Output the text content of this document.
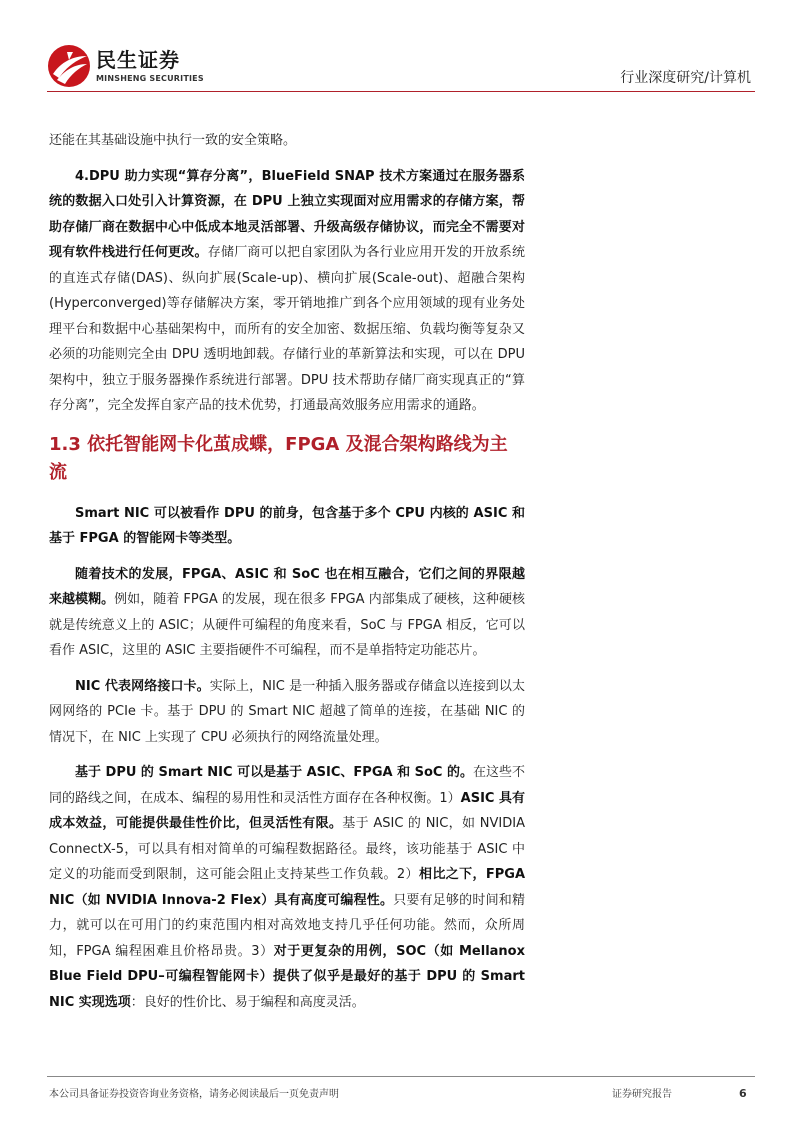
民生证券
MINSHENG SECURITIES	行业深度研究/计算机

还能在其基础设施中执行一致的安全策略。

4.DPU 助力实现“算存分离”，BlueField SNAP 技术方案通过在服务器系统的数据入口处引入计算资源，在 DPU 上独立实现面对应用需求的存储方案，帮助存储厂商在数据中心中低成本地灵活部署、升级高级存储协议，而完全不需要对现有软件栈进行任何更改。存储厂商可以把自家团队为各行业应用开发的开放系统的直连式存储(DAS)、纵向扩展(Scale-up)、横向扩展(Scale-out)、超融合架构(Hyperconverged)等存储解决方案，零开销地推广到各个应用领域的现有业务处理平台和数据中心基础架构中，而所有的安全加密、数据压缩、负载均衡等复杂又必须的功能则完全由 DPU 透明地卸载。存储行业的革新算法和实现，可以在 DPU 架构中，独立于服务器操作系统进行部署。DPU 技术帮助存储厂商实现真正的“算存分离”，完全发挥自家产品的技术优势，打通最高效服务应用需求的通路。

1.3 依托智能网卡化茧成蝶，FPGA 及混合架构路线为主流

Smart NIC 可以被看作 DPU 的前身，包含基于多个 CPU 内核的 ASIC 和基于 FPGA 的智能网卡等类型。

随着技术的发展，FPGA、ASIC 和 SoC 也在相互融合，它们之间的界限越来越模糊。例如，随着 FPGA 的发展，现在很多 FPGA 内部集成了硬核，这种硬核就是传统意义上的 ASIC；从硬件可编程的角度来看，SoC 与 FPGA 相反，它可以看作 ASIC，这里的 ASIC 主要指硬件不可编程，而不是单指特定功能芯片。

NIC 代表网络接口卡。实际上，NIC 是一种插入服务器或存储盒以连接到以太网网络的 PCIe 卡。基于 DPU 的 Smart NIC 超越了简单的连接，在基础 NIC 的情况下，在 NIC 上实现了 CPU 必须执行的网络流量处理。

基于 DPU 的 Smart NIC 可以是基于 ASIC、FPGA 和 SoC 的。在这些不同的路线之间，在成本、编程的易用性和灵活性方面存在各种权衡。1）ASIC 具有成本效益，可能提供最佳性价比，但灵活性有限。基于 ASIC 的 NIC，如 NVIDIA ConnectX-5，可以具有相对简单的可编程数据路径。最终，该功能基于 ASIC 中定义的功能而受到限制，这可能会阻止支持某些工作负载。2）相比之下，FPGA NIC（如 NVIDIA Innova-2 Flex）具有高度可编程性。只要有足够的时间和精力，就可以在可用门的约束范围内相对高效地支持几乎任何功能。然而，众所周知，FPGA 编程困难且价格昂贵。3）对于更复杂的用例，SOC（如 Mellanox Blue Field DPU–可编程智能网卡）提供了似乎是最好的基于 DPU 的 Smart NIC 实现选项：良好的性价比、易于编程和高度灵活。

本公司具备证券投资咨询业务资格，请务必阅读最后一页免责声明	证券研究报告	6
